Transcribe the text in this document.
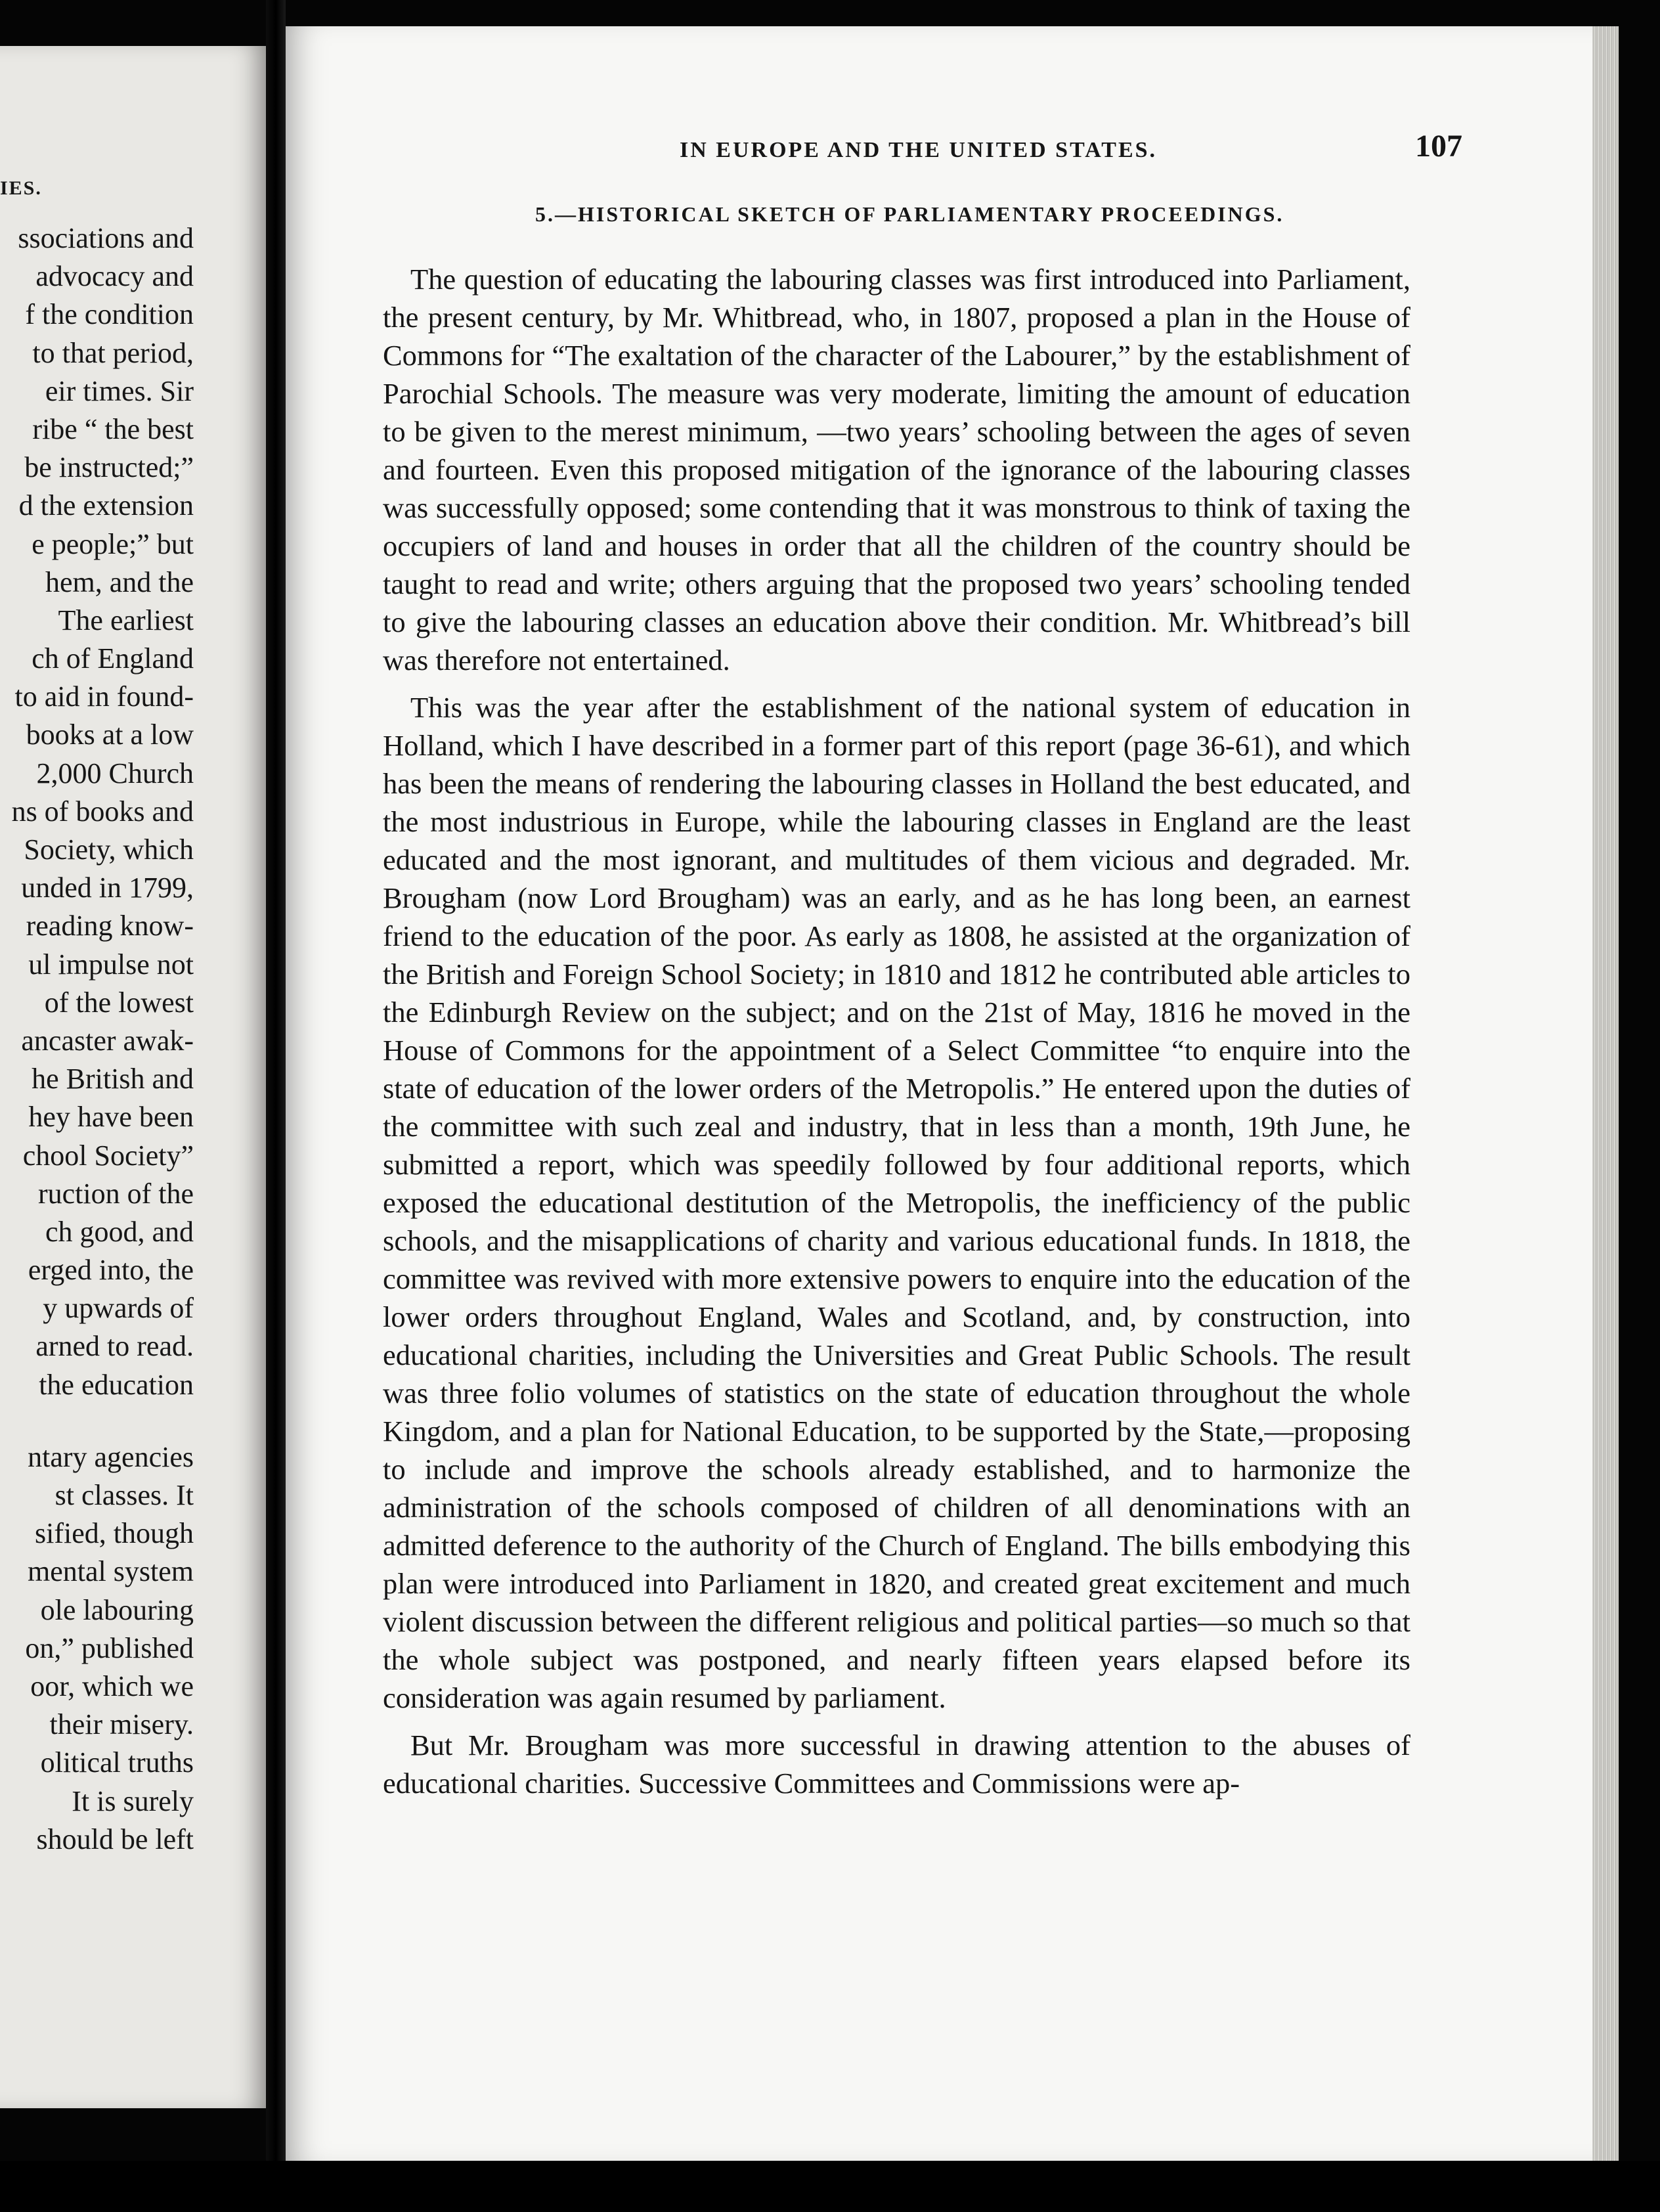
IES.
ssociations and
advocacy and
f the condition
to that period,
eir times. Sir
ribe “ the best
be instructed;”
d the extension
e people;” but
hem, and the
The earliest
ch of England
to aid in found-
books at a low
2,000 Church
ns of books and
Society, which
unded in 1799,
reading know-
ul impulse not
of the lowest
ancaster awak-
he British and
hey have been
chool Society”
ruction of the
ch good, and
erged into, the
y upwards of
arned to read.
the education
ntary agencies
st classes. It
sified, though
mental system
ole labouring
on,” published
oor, which we
their misery.
olitical truths
It is surely
should be left
IN EUROPE AND THE UNITED STATES.	107
5.—HISTORICAL SKETCH OF PARLIAMENTARY PROCEEDINGS.

The question of educating the labouring classes was first introduced into Parliament, the present century, by Mr. Whitbread, who, in 1807, proposed a plan in the House of Commons for “The exaltation of the character of the Labourer,” by the establishment of Parochial Schools. The measure was very moderate, limiting the amount of education to be given to the merest minimum, —two years’ schooling between the ages of seven and fourteen. Even this proposed mitigation of the ignorance of the labouring classes was successfully opposed; some contending that it was monstrous to think of taxing the occupiers of land and houses in order that all the children of the country should be taught to read and write; others arguing that the proposed two years’ schooling tended to give the labouring classes an education above their condition. Mr. Whitbread’s bill was therefore not entertained.

This was the year after the establishment of the national system of education in Holland, which I have described in a former part of this report (page 36-61), and which has been the means of rendering the labouring classes in Holland the best educated, and the most industrious in Europe, while the labouring classes in England are the least educated and the most ignorant, and multitudes of them vicious and degraded. Mr. Brougham (now Lord Brougham) was an early, and as he has long been, an earnest friend to the education of the poor. As early as 1808, he assisted at the organization of the British and Foreign School Society; in 1810 and 1812 he contributed able articles to the Edinburgh Review on the subject; and on the 21st of May, 1816 he moved in the House of Commons for the appointment of a Select Committee “to enquire into the state of education of the lower orders of the Metropolis.” He entered upon the duties of the committee with such zeal and industry, that in less than a month, 19th June, he submitted a report, which was speedily followed by four additional reports, which exposed the educational destitution of the Metropolis, the inefficiency of the public schools, and the misapplications of charity and various educational funds. In 1818, the committee was revived with more extensive powers to enquire into the education of the lower orders throughout England, Wales and Scotland, and, by construction, into educational charities, including the Universities and Great Public Schools. The result was three folio volumes of statistics on the state of education throughout the whole Kingdom, and a plan for National Education, to be supported by the State,—proposing to include and improve the schools already established, and to harmonize the administration of the schools composed of children of all denominations with an admitted deference to the authority of the Church of England. The bills embodying this plan were introduced into Parliament in 1820, and created great excitement and much violent discussion between the different religious and political parties—so much so that the whole subject was postponed, and nearly fifteen years elapsed before its consideration was again resumed by parliament.

But Mr. Brougham was more successful in drawing attention to the abuses of educational charities. Successive Committees and Commissions were ap-
